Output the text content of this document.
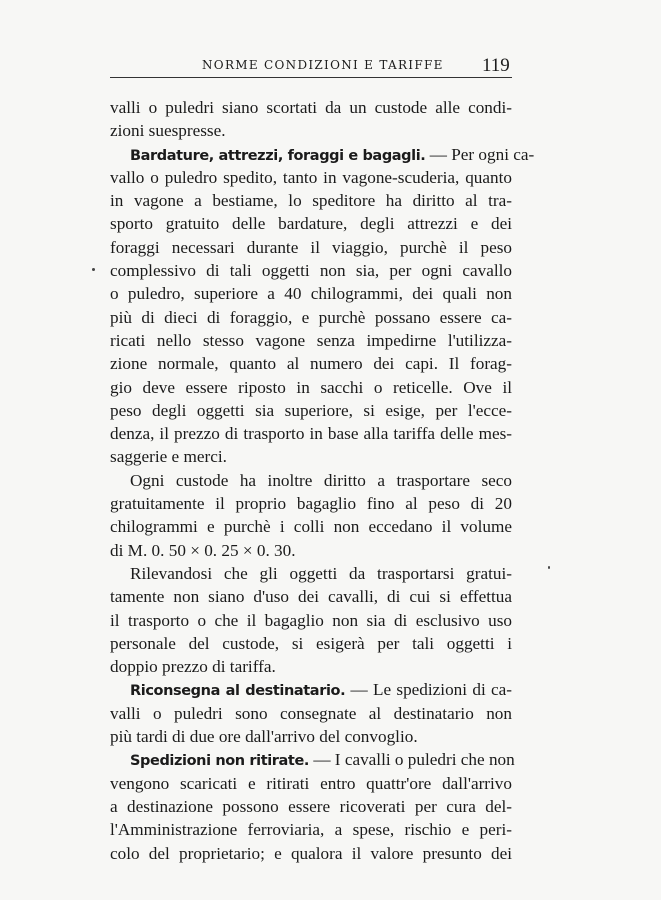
NORME CONDIZIONI E TARIFFE 119
valli o puledri siano scortati da un custode alle condi-
zioni suespresse.
Bardature, attrezzi, foraggi e bagagli. — Per ogni ca-
vallo o puledro spedito, tanto in vagone-scuderia, quanto
in vagone a bestiame, lo speditore ha diritto al tra-
sporto gratuito delle bardature, degli attrezzi e dei
foraggi necessari durante il viaggio, purchè il peso
complessivo di tali oggetti non sia, per ogni cavallo
o puledro, superiore a 40 chilogrammi, dei quali non
più di dieci di foraggio, e purchè possano essere ca-
ricati nello stesso vagone senza impedirne l'utilizza-
zione normale, quanto al numero dei capi. Il forag-
gio deve essere riposto in sacchi o reticelle. Ove il
peso degli oggetti sia superiore, si esige, per l'ecce-
denza, il prezzo di trasporto in base alla tariffa delle mes-
saggerie e merci.
Ogni custode ha inoltre diritto a trasportare seco
gratuitamente il proprio bagaglio fino al peso di 20
chilogrammi e purchè i colli non eccedano il volume
di M. 0. 50 × 0. 25 × 0. 30.
Rilevandosi che gli oggetti da trasportarsi gratui-
tamente non siano d'uso dei cavalli, di cui si effettua
il trasporto o che il bagaglio non sia di esclusivo uso
personale del custode, si esigerà per tali oggetti i
doppio prezzo di tariffa.
Riconsegna al destinatario. — Le spedizioni di ca-
valli o puledri sono consegnate al destinatario non
più tardi di due ore dall'arrivo del convoglio.
Spedizioni non ritirate. — I cavalli o puledri che non
vengono scaricati e ritirati entro quattr'ore dall'arrivo
a destinazione possono essere ricoverati per cura del-
l'Amministrazione ferroviaria, a spese, rischio e peri-
colo del proprietario; e qualora il valore presunto dei
